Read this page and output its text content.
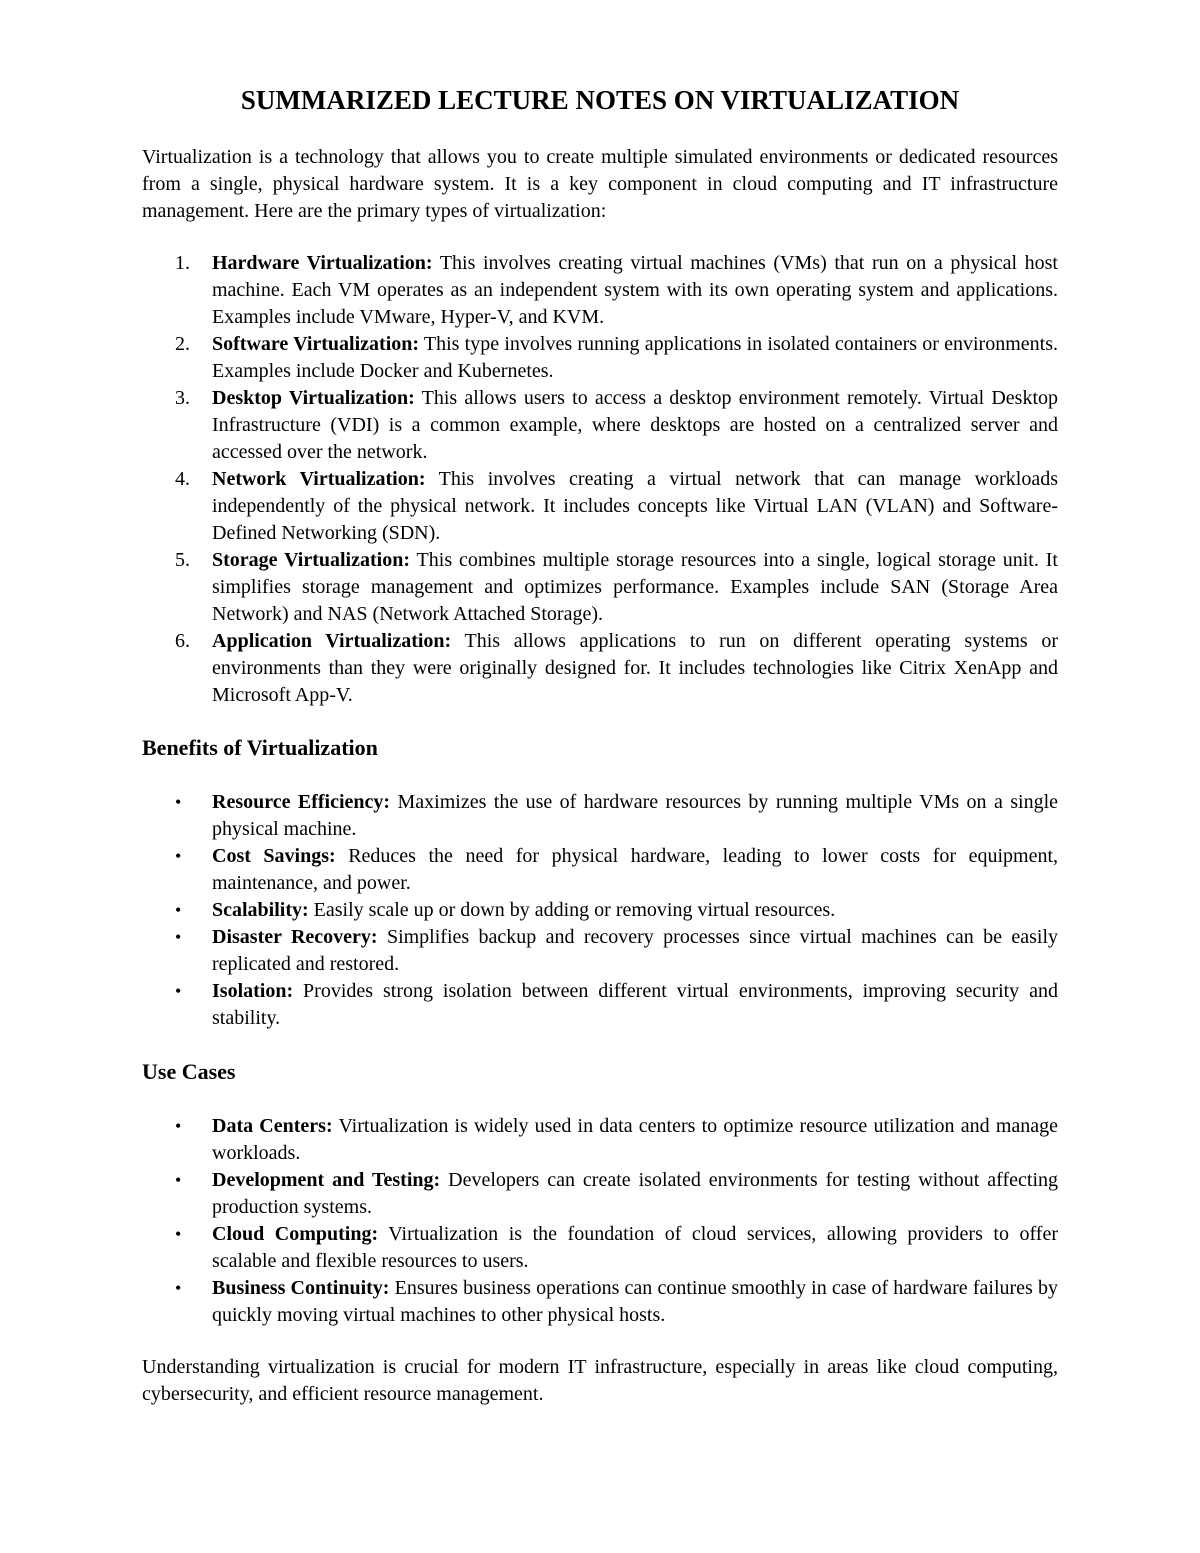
SUMMARIZED LECTURE NOTES ON VIRTUALIZATION

Virtualization is a technology that allows you to create multiple simulated environments or dedicated resources from a single, physical hardware system. It is a key component in cloud computing and IT infrastructure management. Here are the primary types of virtualization:

1. Hardware Virtualization: This involves creating virtual machines (VMs) that run on a physical host machine. Each VM operates as an independent system with its own operating system and applications. Examples include VMware, Hyper-V, and KVM.
2. Software Virtualization: This type involves running applications in isolated containers or environments. Examples include Docker and Kubernetes.
3. Desktop Virtualization: This allows users to access a desktop environment remotely. Virtual Desktop Infrastructure (VDI) is a common example, where desktops are hosted on a centralized server and accessed over the network.
4. Network Virtualization: This involves creating a virtual network that can manage workloads independently of the physical network. It includes concepts like Virtual LAN (VLAN) and Software-Defined Networking (SDN).
5. Storage Virtualization: This combines multiple storage resources into a single, logical storage unit. It simplifies storage management and optimizes performance. Examples include SAN (Storage Area Network) and NAS (Network Attached Storage).
6. Application Virtualization: This allows applications to run on different operating systems or environments than they were originally designed for. It includes technologies like Citrix XenApp and Microsoft App-V.
Benefits of Virtualization
• Resource Efficiency: Maximizes the use of hardware resources by running multiple VMs on a single physical machine.
• Cost Savings: Reduces the need for physical hardware, leading to lower costs for equipment, maintenance, and power.
• Scalability: Easily scale up or down by adding or removing virtual resources.
• Disaster Recovery: Simplifies backup and recovery processes since virtual machines can be easily replicated and restored.
• Isolation: Provides strong isolation between different virtual environments, improving security and stability.
Use Cases
• Data Centers: Virtualization is widely used in data centers to optimize resource utilization and manage workloads.
• Development and Testing: Developers can create isolated environments for testing without affecting production systems.
• Cloud Computing: Virtualization is the foundation of cloud services, allowing providers to offer scalable and flexible resources to users.
• Business Continuity: Ensures business operations can continue smoothly in case of hardware failures by quickly moving virtual machines to other physical hosts.

Understanding virtualization is crucial for modern IT infrastructure, especially in areas like cloud computing, cybersecurity, and efficient resource management.
